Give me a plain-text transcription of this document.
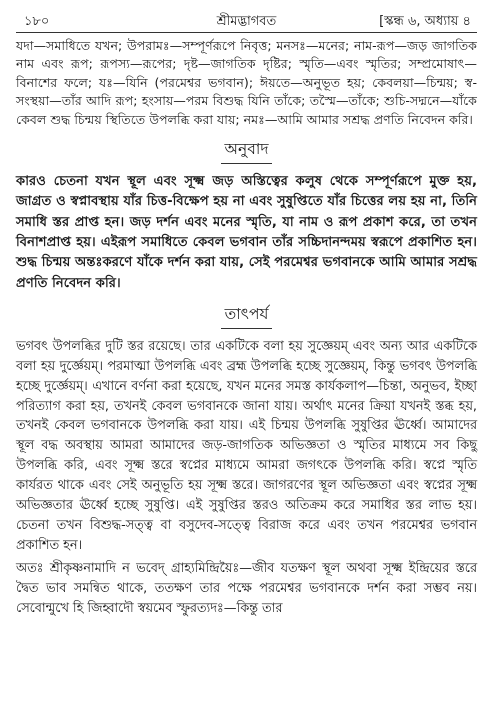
১৮০	শ্রীমদ্ভাগবত	[স্কন্ধ ৬, অধ্যায় ৪

যদা—সমাধিতে যখন; উপরামঃ—সম্পূর্ণরূপে নিবৃত্ত; মনসঃ—মনের; নাম-রূপ—জড় জাগতিক নাম এবং রূপ; রূপস্য—রূপের; দৃষ্ট—জাগতিক দৃষ্টির; স্মৃতি—এবং স্মৃতির; সম্প্রমোষাৎ—বিনাশের ফলে; যঃ—যিনি (পরমেশ্বর ভগবান); ঈয়তে—অনুভূত হয়; কেবলয়া—চিন্ময়; স্ব-সংস্থয়া—তাঁর আদি রূপ; হংসায়—পরম বিশুদ্ধ যিনি তাঁকে; তস্মৈ—তাঁকে; শুচি-সদ্মনে—যাঁকে কেবল শুদ্ধ চিন্ময় স্থিতিতে উপলব্ধি করা যায়; নমঃ—আমি আমার সশ্রদ্ধ প্রণতি নিবেদন করি।

অনুবাদ

কারও চেতনা যখন স্থূল এবং সূক্ষ্ম জড় অস্তিত্বের কলুষ থেকে সম্পূর্ণরূপে মুক্ত হয়, জাগ্রত ও স্বপ্নাবস্থায় যাঁর চিত্ত-বিক্ষেপ হয় না এবং সুষুপ্তিতে যাঁর চিত্তের লয় হয় না, তিনি সমাধি স্তর প্রাপ্ত হন। জড় দর্শন এবং মনের স্মৃতি, যা নাম ও রূপ প্রকাশ করে, তা তখন বিনাশপ্রাপ্ত হয়। এইরূপ সমাধিতে কেবল ভগবান তাঁর সচ্চিদানন্দময় স্বরূপে প্রকাশিত হন। শুদ্ধ চিন্ময় অন্তঃকরণে যাঁকে দর্শন করা যায়, সেই পরমেশ্বর ভগবানকে আমি আমার সশ্রদ্ধ প্রণতি নিবেদন করি।

তাৎপর্য

ভগবৎ উপলব্ধির দুটি স্তর রয়েছে। তার একটিকে বলা হয় সুজ্ঞেয়ম্ এবং অন্য আর একটিকে বলা হয় দুর্জ্ঞেয়ম্। পরমাত্মা উপলব্ধি এবং ব্রহ্ম উপলব্ধি হচ্ছে সুজ্ঞেয়ম্, কিন্তু ভগবৎ উপলব্ধি হচ্ছে দুর্জ্ঞেয়ম্। এখানে বর্ণনা করা হয়েছে, যখন মনের সমস্ত কার্যকলাপ—চিন্তা, অনুভব, ইচ্ছা পরিত্যাগ করা হয়, তখনই কেবল ভগবানকে জানা যায়। অর্থাৎ মনের ক্রিয়া যখনই স্তব্ধ হয়, তখনই কেবল ভগবানকে উপলব্ধি করা যায়। এই চিন্ময় উপলব্ধি সুষুপ্তির ঊর্ধ্বে। আমাদের স্থূল বদ্ধ অবস্থায় আমরা আমাদের জড়-জাগতিক অভিজ্ঞতা ও স্মৃতির মাধ্যমে সব কিছু উপলব্ধি করি, এবং সূক্ষ্ম স্তরে স্বপ্নের মাধ্যমে আমরা জগৎকে উপলব্ধি করি। স্বপ্নে স্মৃতি কার্যরত থাকে এবং সেই অনুভূতি হয় সূক্ষ্ম স্তরে। জাগরণের স্থূল অভিজ্ঞতা এবং স্বপ্নের সূক্ষ্ম অভিজ্ঞতার ঊর্ধ্বে হচ্ছে সুষুপ্তি। এই সুষুপ্তির স্তরও অতিক্রম করে সমাধির স্তর লাভ হয়। চেতনা তখন বিশুদ্ধ-সত্ত্ব বা বসুদেব-সত্ত্বে বিরাজ করে এবং তখন পরমেশ্বর ভগবান প্রকাশিত হন।

অতঃ শ্রীকৃষ্ণনামাদি ন ভবেদ্ গ্রাহ্যমিন্দ্রিয়ৈঃ—জীব যতক্ষণ স্থূল অথবা সূক্ষ্ম ইন্দ্রিয়ের স্তরে দ্বৈত ভাব সমন্বিত থাকে, ততক্ষণ তার পক্ষে পরমেশ্বর ভগবানকে দর্শন করা সম্ভব নয়। সেবোন্মুখে হি জিহ্বাদৌ স্বয়মেব স্ফুরত্যদঃ—কিন্তু তার
